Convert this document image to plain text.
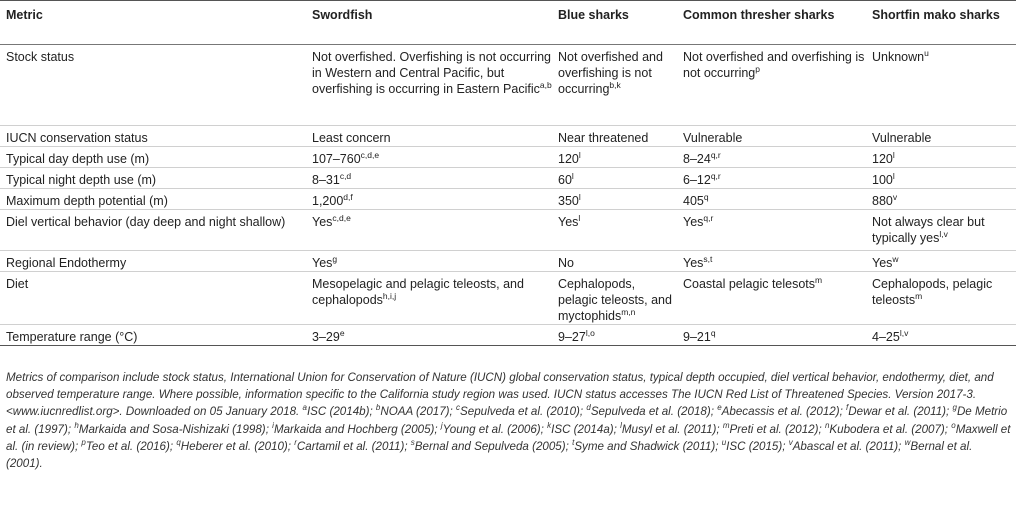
Metric	Swordfish	Blue sharks	Common thresher sharks	Shortfin mako sharks
Stock status	Not overfished. Overfishing is not occurring in Western and Central Pacific, but overfishing is occurring in Eastern Pacific$^{a,b}$	Not overfished and overfishing is not occurring$^{b,k}$	Not overfished and overfishing is not occurring$^p$	Unknown$^u$
IUCN conservation status	Least concern	Near threatened	Vulnerable	Vulnerable
Typical day depth use (m)	107–760$^{c,d,e}$	120$^l$	8–24$^{q,r}$	120$^l$
Typical night depth use (m)	8–31$^{c,d}$	60$^l$	6–12$^{q,r}$	100$^l$
Maximum depth potential (m)	1,200$^{d,f}$	350$^l$	405$^q$	880$^v$
Diel vertical behavior (day deep and night shallow)	Yes$^{c,d,e}$	Yes$^l$	Yes$^{q,r}$	Not always clear but typically yes$^{l,v}$
Regional Endothermy	Yes$^g$	No	Yes$^{s,t}$	Yes$^w$
Diet	Mesopelagic and pelagic teleosts, and cephalopods$^{h,i,j}$	Cephalopods, pelagic teleosts, and myctophids$^{m,n}$	Coastal pelagic telesots$^m$	Cephalopods, pelagic teleosts$^m$
Temperature range (°C)	3–29e	9–27$^{l,o}$	9–21$^q$	4–25$^{l,v}$
Metrics of comparison include stock status, International Union for Conservation of Nature (IUCN) global conservation status, typical depth occupied, diel vertical behavior, endothermy, diet, and observed temperature range. Where possible, information specific to the California study region was used. IUCN status accesses The IUCN Red List of Threatened Species. Version 2017-3. <www.iucnredlist.org>. Downloaded on 05 January 2018. $^a$ISC (2014b); $^b$NOAA (2017); $^c$Sepulveda et al. (2010); $^d$Sepulveda et al. (2018); $^e$Abecassis et al. (2012); $^f$Dewar et al. (2011); $^g$De Metrio et al. (1997); $^h$Markaida and Sosa-Nishizaki (1998); $^i$Markaida and Hochberg (2005); $^j$Young et al. (2006); $^k$ISC (2014a); $^l$Musyl et al. (2011); $^m$Preti et al. (2012); $^n$Kubodera et al. (2007); $^o$Maxwell et al. (in review); $^p$Teo et al. (2016); $^q$Heberer et al. (2010); $^r$Cartamil et al. (2011); $^s$Bernal and Sepulveda (2005); $^t$Syme and Shadwick (2011); $^u$ISC (2015); $^v$Abascal et al. (2011); $^w$Bernal et al. (2001).
